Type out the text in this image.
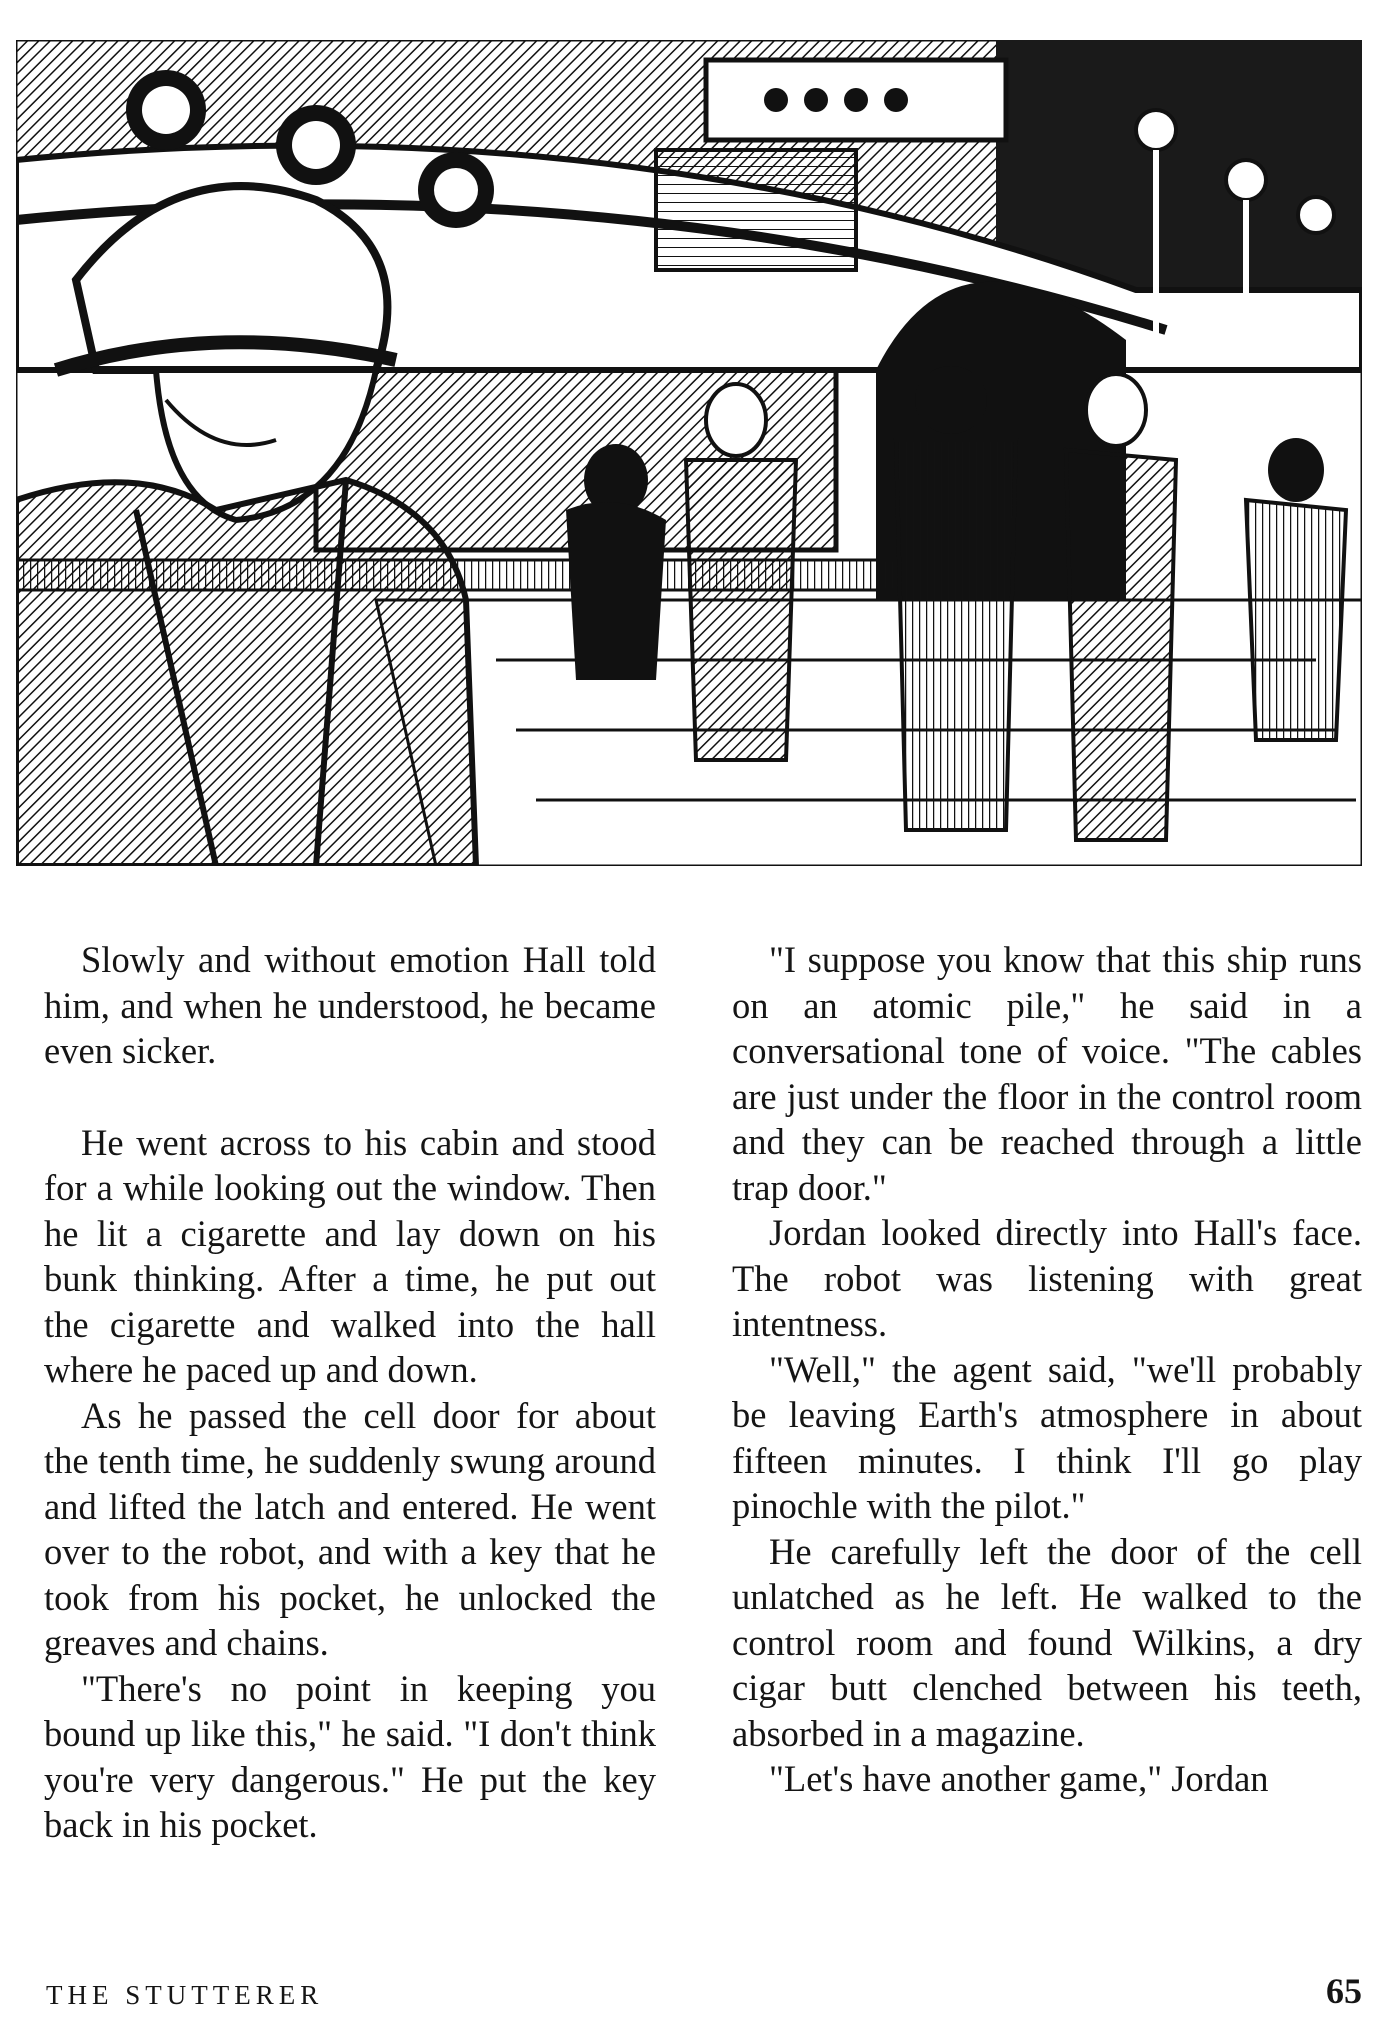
Slowly and without emotion Hall told him, and when he understood, he became even sicker.

He went across to his cabin and stood for a while looking out the window. Then he lit a cigarette and lay down on his bunk thinking. After a time, he put out the cigarette and walked into the hall where he paced up and down.

As he passed the cell door for about the tenth time, he suddenly swung around and lifted the latch and entered. He went over to the robot, and with a key that he took from his pocket, he unlocked the greaves and chains.

"There's no point in keeping you bound up like this," he said. "I don't think you're very dangerous." He put the key back in his pocket.

"I suppose you know that this ship runs on an atomic pile," he said in a conversational tone of voice. "The cables are just under the floor in the control room and they can be reached through a little trap door."

Jordan looked directly into Hall's face. The robot was listening with great intentness.

"Well," the agent said, "we'll probably be leaving Earth's atmosphere in about fifteen minutes. I think I'll go play pinochle with the pilot."

He carefully left the door of the cell unlatched as he left. He walked to the control room and found Wilkins, a dry cigar butt clenched between his teeth, absorbed in a magazine.

"Let's have another game," Jordan

THE STUTTERER	65
